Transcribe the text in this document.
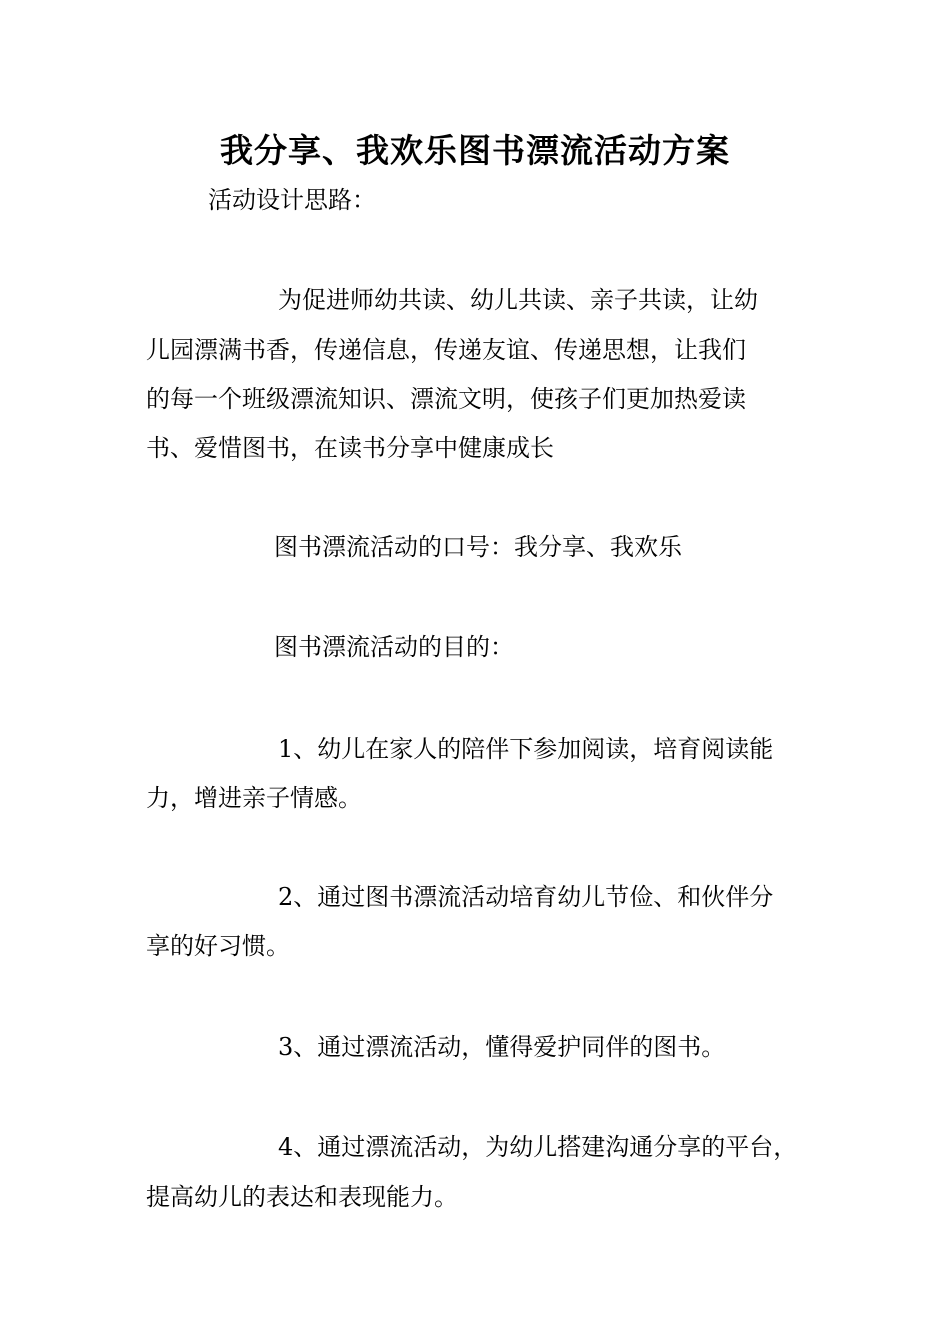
我分享、我欢乐图书漂流活动方案
活动设计思路：
为促进师幼共读、幼儿共读、亲子共读，让幼
儿园漂满书香，传递信息，传递友谊、传递思想，让我们
的每一个班级漂流知识、漂流文明，使孩子们更加热爱读
书、爱惜图书，在读书分享中健康成长
图书漂流活动的口号：我分享、我欢乐
图书漂流活动的目的：
1、幼儿在家人的陪伴下参加阅读，培育阅读能
力，增进亲子情感。
2、通过图书漂流活动培育幼儿节俭、和伙伴分
享的好习惯。
3、通过漂流活动，懂得爱护同伴的图书。
4、通过漂流活动，为幼儿搭建沟通分享的平台，
提高幼儿的表达和表现能力。
